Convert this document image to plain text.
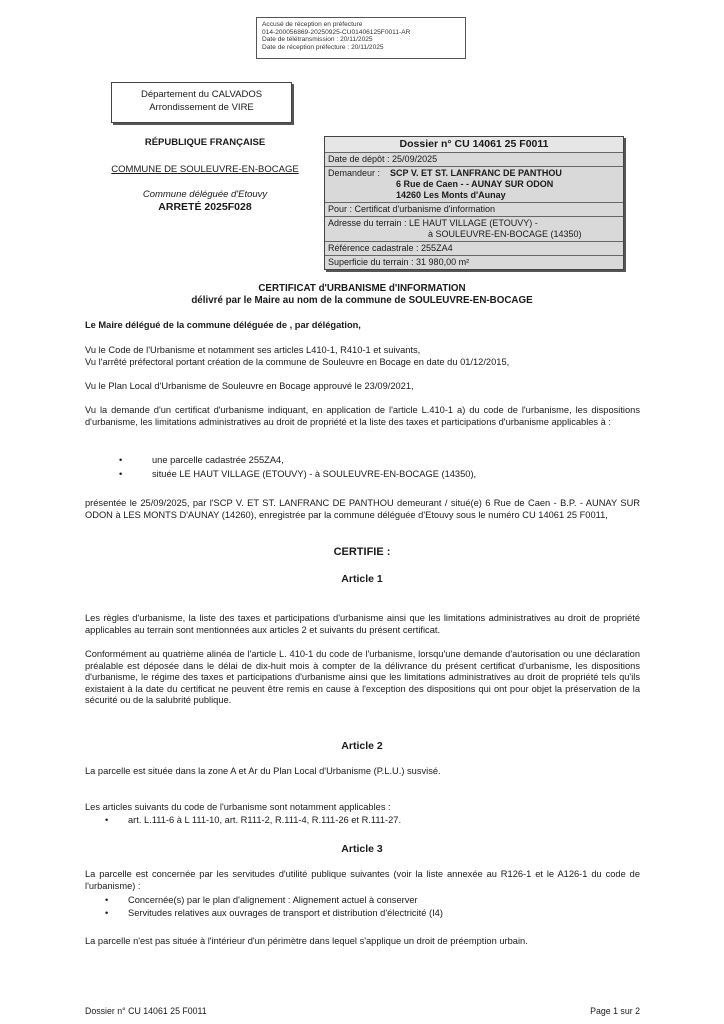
Accusé de réception en préfecture
014-200056869-20250925-CU01406125F0011-AR
Date de télétransmission : 20/11/2025
Date de réception préfecture : 20/11/2025
Département du CALVADOS
Arrondissement de VIRE
RÉPUBLIQUE FRANÇAISE
COMMUNE DE SOULEUVRE-EN-BOCAGE
Commune déléguée d'Etouvy
ARRETÉ 2025F028
Dossier n° CU 14061 25 F0011
Date de dépôt : 25/09/2025
Demandeur :	SCP V. ET ST. LANFRANC DE PANTHOU
6 Rue de Caen - - AUNAY SUR ODON
14260 Les Monts d'Aunay
Pour : Certificat d'urbanisme d'information
Adresse du terrain : LE HAUT VILLAGE (ETOUVY) -
à SOULEUVRE-EN-BOCAGE (14350)
Référence cadastrale : 255ZA4
Superficie du terrain : 31 980,00 m²
CERTIFICAT d'URBANISME d'INFORMATION
délivré par le Maire au nom de la commune de SOULEUVRE-EN-BOCAGE
Le Maire délégué de la commune déléguée de , par délégation,
Vu le Code de l'Urbanisme et notamment ses articles L410-1, R410-1 et suivants,
Vu l'arrêté préfectoral portant création de la commune de Souleuvre en Bocage en date du 01/12/2015,
Vu le Plan Local d'Urbanisme de Souleuvre en Bocage approuvé le 23/09/2021,
Vu la demande d'un certificat d'urbanisme indiquant, en application de l'article L.410-1 a) du code de l'urbanisme, les dispositions d'urbanisme, les limitations administratives au droit de propriété et la liste des taxes et participations d'urbanisme applicables à :
•	une parcelle cadastrée 255ZA4,
•	située LE HAUT VILLAGE (ETOUVY) - à SOULEUVRE-EN-BOCAGE (14350),
présentée le 25/09/2025, par l'SCP V. ET ST. LANFRANC DE PANTHOU demeurant / situé(e) 6 Rue de Caen - B.P. - AUNAY SUR ODON à LES MONTS D'AUNAY (14260), enregistrée par la commune déléguée d'Etouvy sous le numéro CU 14061 25 F0011,
CERTIFIE :
Article 1
Les règles d'urbanisme, la liste des taxes et participations d'urbanisme ainsi que les limitations administratives au droit de propriété applicables au terrain sont mentionnées aux articles 2 et suivants du présent certificat.
Conformément au quatrième alinéa de l'article L. 410-1 du code de l'urbanisme, lorsqu'une demande d'autorisation ou une déclaration préalable est déposée dans le délai de dix-huit mois à compter de la délivrance du présent certificat d'urbanisme, les dispositions d'urbanisme, le régime des taxes et participations d'urbanisme ainsi que les limitations administratives au droit de propriété tels qu'ils existaient à la date du certificat ne peuvent être remis en cause à l'exception des dispositions qui ont pour objet la préservation de la sécurité ou de la salubrité publique.
Article 2
La parcelle est située dans la zone A et Ar du Plan Local d'Urbanisme (P.L.U.) susvisé.
Les articles suivants du code de l'urbanisme sont notamment applicables :
• art. L.111-6 à L 111-10, art. R111-2, R.111-4, R.111-26 et R.111-27.
Article 3
La parcelle est concernée par les servitudes d'utilité publique suivantes (voir la liste annexée au R126-1 et le A126-1 du code de l'urbanisme) :
• Concernée(s) par le plan d'alignement : Alignement actuel à conserver
• Servitudes relatives aux ouvrages de transport et distribution d'électricité (I4)
La parcelle n'est pas située à l'intérieur d'un périmètre dans lequel s'applique un droit de préemption urbain.
Dossier n° CU 14061 25 F0011	Page 1 sur 2
